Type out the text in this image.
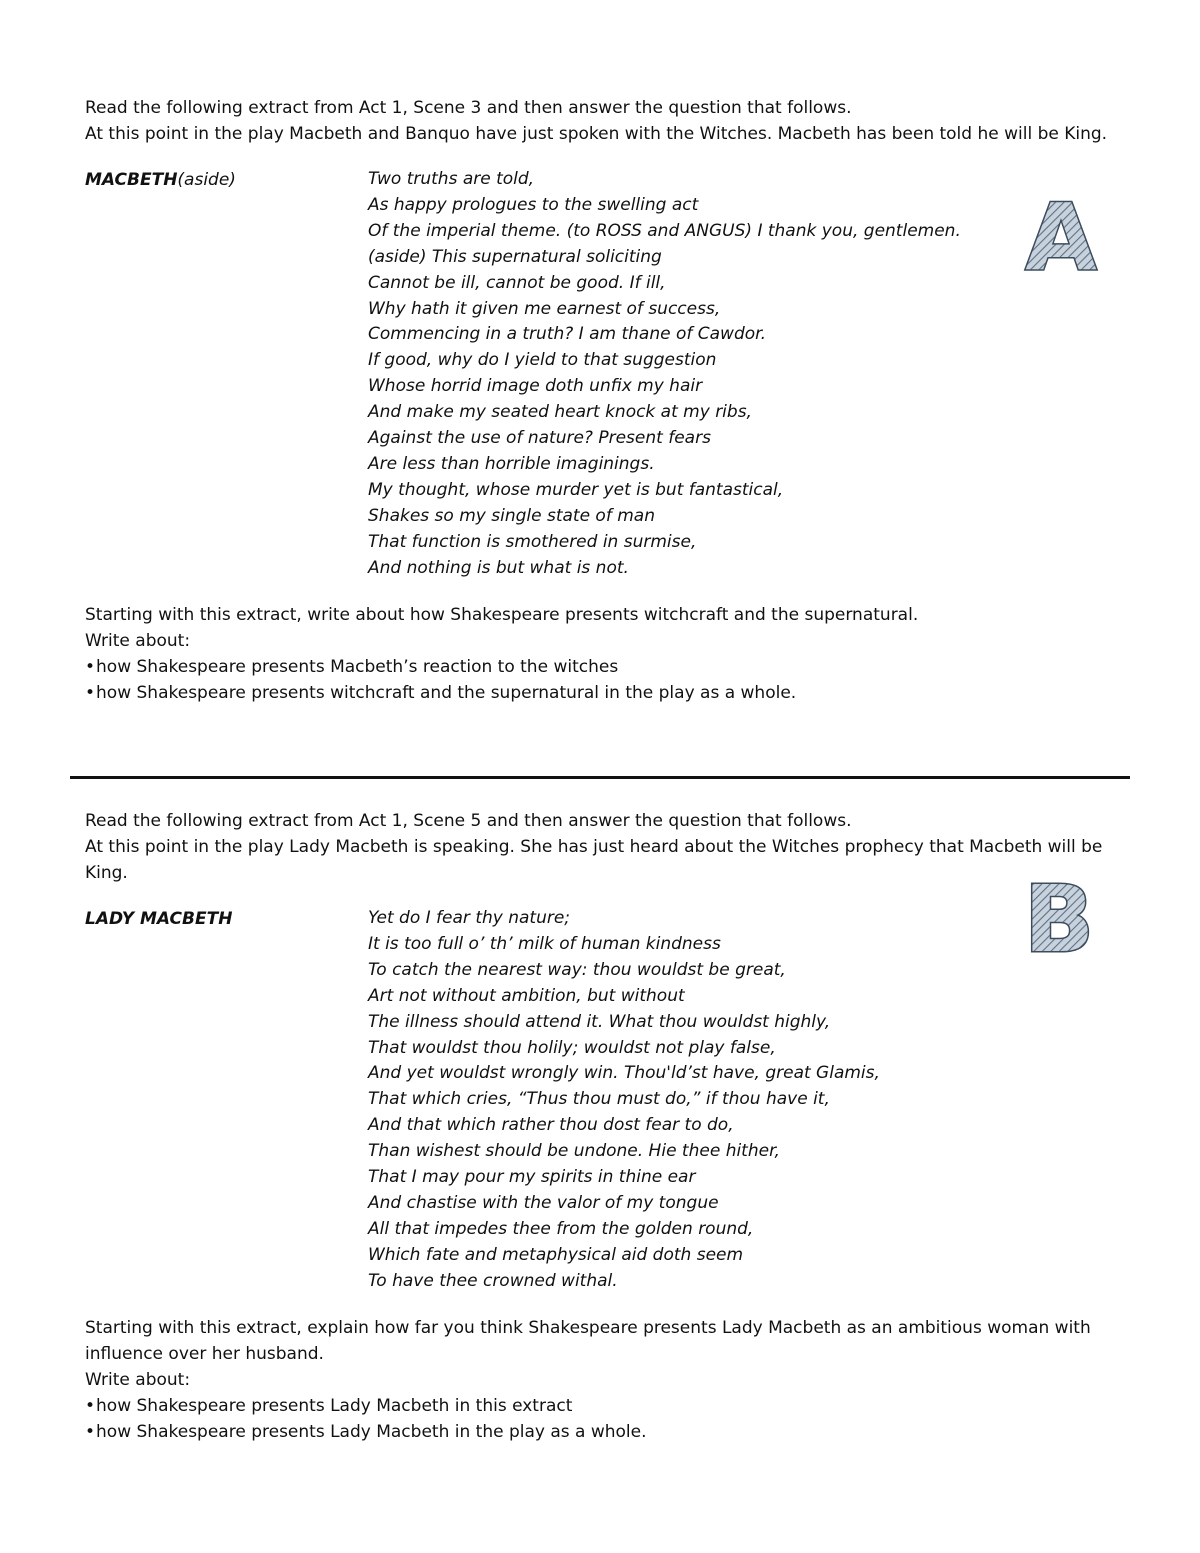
Read the following extract from Act 1, Scene 3 and then answer the question that follows.
At this point in the play Macbeth and Banquo have just spoken with the Witches. Macbeth has been told he will be King.
MACBETH(aside)	Two truths are told,
As happy prologues to the swelling act
Of the imperial theme. (to ROSS and ANGUS) I thank you, gentlemen.
(aside) This supernatural soliciting
Cannot be ill, cannot be good. If ill,
Why hath it given me earnest of success,
Commencing in a truth? I am thane of Cawdor.
If good, why do I yield to that suggestion
Whose horrid image doth unfix my hair
And make my seated heart knock at my ribs,
Against the use of nature? Present fears
Are less than horrible imaginings.
My thought, whose murder yet is but fantastical,
Shakes so my single state of man
That function is smothered in surmise,
And nothing is but what is not.
Starting with this extract, write about how Shakespeare presents witchcraft and the supernatural.
Write about:
•how Shakespeare presents Macbeth’s reaction to the witches
•how Shakespeare presents witchcraft and the supernatural in the play as a whole.
A
Read the following extract from Act 1, Scene 5 and then answer the question that follows.
At this point in the play Lady Macbeth is speaking. She has just heard about the Witches prophecy that Macbeth will be King.
LADY MACBETH	Yet do I fear thy nature;
It is too full o’ th’ milk of human kindness
To catch the nearest way: thou wouldst be great,
Art not without ambition, but without
The illness should attend it. What thou wouldst highly,
That wouldst thou holily; wouldst not play false,
And yet wouldst wrongly win. Thou'ld’st have, great Glamis,
That which cries, “Thus thou must do,” if thou have it,
And that which rather thou dost fear to do,
Than wishest should be undone. Hie thee hither,
That I may pour my spirits in thine ear
And chastise with the valor of my tongue
All that impedes thee from the golden round,
Which fate and metaphysical aid doth seem
To have thee crowned withal.
Starting with this extract, explain how far you think Shakespeare presents Lady Macbeth as an ambitious woman with influence over her husband.
Write about:
•how Shakespeare presents Lady Macbeth in this extract
•how Shakespeare presents Lady Macbeth in the play as a whole.
B
